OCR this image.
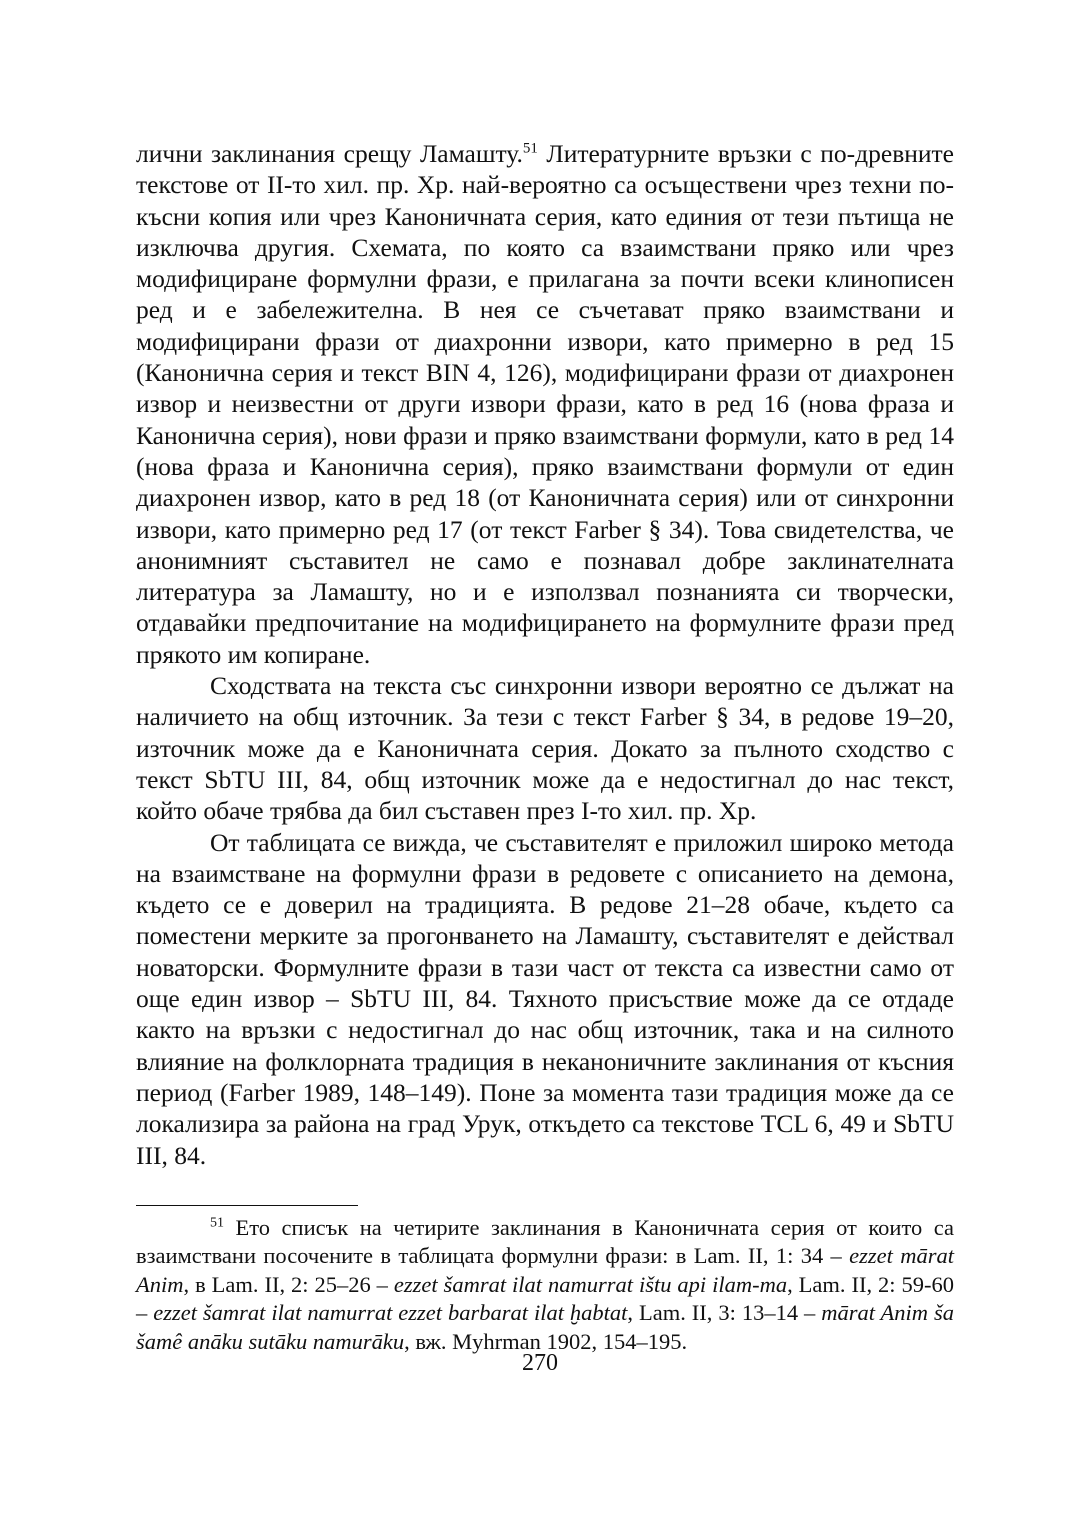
лични заклинания срещу Ламашту.$^{51}$ Литературните връзки с по-древните текстове от II-то хил. пр. Хр. най-вероятно са осъществени чрез техни по-късни копия или чрез Каноничната серия, като единия от тези пътища не изключва другия. Схемата, по която са взаимствани пряко или чрез модифициране формулни фрази, е прилагана за почти всеки клинописен ред и е забележителна. В нея се съчетават пряко взаимствани и модифицирани фрази от диахронни извори, като примерно в ред 15 (Канонична серия и текст BIN 4, 126), модифицирани фрази от диахронен извор и неизвестни от други извори фрази, като в ред 16 (нова фраза и Канонична серия), нови фрази и пряко взаимствани формули, като в ред 14 (нова фраза и Канонична серия), пряко взаимствани формули от един диахронен извор, като в ред 18 (от Каноничната серия) или от синхронни извори, като примерно ред 17 (от текст Farber § 34). Това свидетелства, че анонимният съставител не само е познавал добре заклинателната литература за Ламашту, но и е използвал познанията си творчески, отдавайки предпочитание на модифицирането на формулните фрази пред прякото им копиране.

Сходствата на текста със синхронни извори вероятно се дължат на наличието на общ източник. За тези с текст Farber § 34, в редове 19–20, източник може да е Каноничната серия. Докато за пълното сходство с текст SbTU III, 84, общ източник може да е недостигнал до нас текст, който обаче трябва да бил съставен през I-то хил. пр. Хр.

От таблицата се вижда, че съставителят е приложил широко метода на взаимстване на формулни фрази в редовете с описанието на демона, където се е доверил на традицията. В редове 21–28 обаче, където са поместени мерките за прогонването на Ламашту, съставителят е действал новаторски. Формулните фрази в тази част от текста са известни само от още един извор – SbTU III, 84. Тяхното присъствие може да се отдаде както на връзки с недостигнал до нас общ източник, така и на силното влияние на фолклорната традиция в неканоничните заклинания от късния период (Farber 1989, 148–149). Поне за момента тази традиция може да се локализира за района на град Урук, откъдето са текстове TCL 6, 49 и SbTU III, 84.

$^{51}$ Ето списък на четирите заклинания в Каноничната серия от които са взаимствани посочените в таблицата формулни фрази: в Lam. II, 1: 34 – ezzet mārat Anim, в Lam. II, 2: 25–26 – ezzet šamrat ilat namurrat ištu api ilam-ma, Lam. II, 2: 59-60 – ezzet šamrat ilat namurrat ezzet barbarat ilat ḫabtat, Lam. II, 3: 13–14 – mārat Anim ša šamê anāku sutāku namurāku, вж. Myhrman 1902, 154–195.

270
